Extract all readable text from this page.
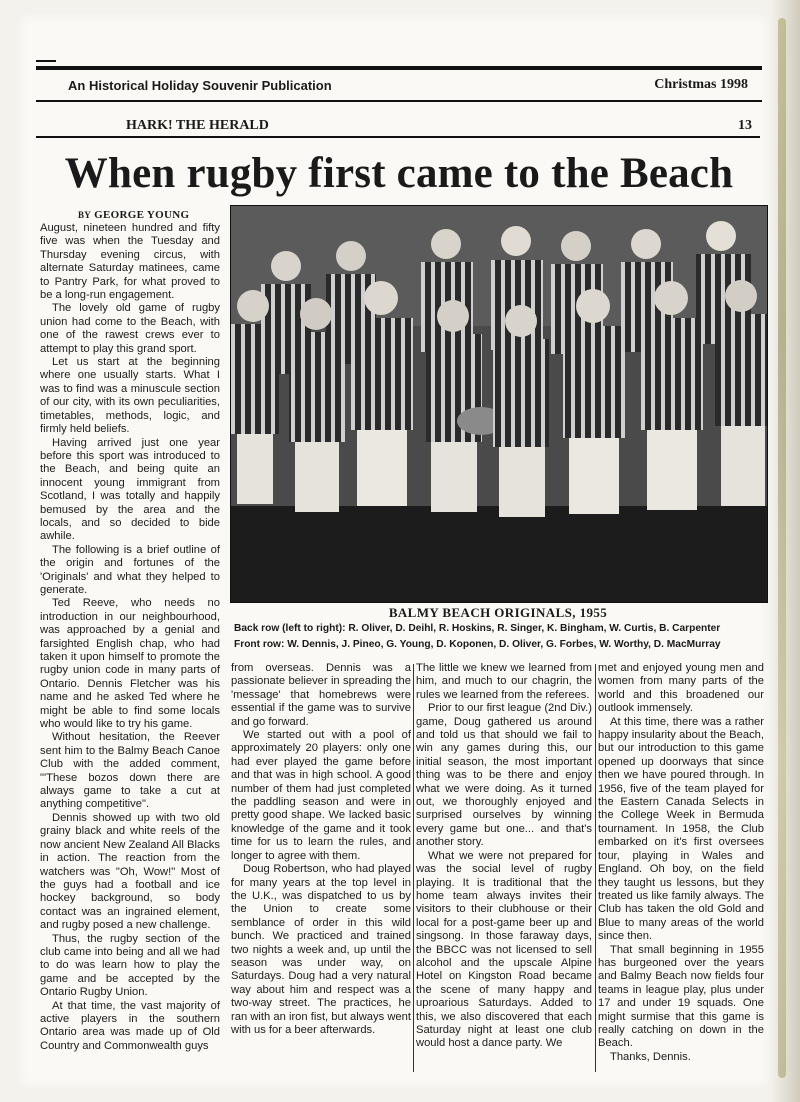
An Historical Holiday Souvenir Publication	Christmas 1998
HARK! THE HERALD	13
When rugby first came to the Beach
BY GEORGE YOUNG

August, nineteen hundred and fifty five was when the Tuesday and Thursday evening circus, with alternate Saturday matinees, came to Pantry Park, for what proved to be a long-run engagement.

The lovely old game of rugby union had come to the Beach, with one of the rawest crews ever to attempt to play this grand sport.

Let us start at the beginning where one usually starts. What I was to find was a minuscule section of our city, with its own peculiarities, timetables, methods, logic, and firmly held beliefs.

Having arrived just one year before this sport was introduced to the Beach, and being quite an innocent young immigrant from Scotland, I was totally and happily bemused by the area and the locals, and so decided to bide awhile.

The following is a brief outline of the origin and fortunes of the 'Originals' and what they helped to generate.

Ted Reeve, who needs no introduction in our neighbourhood, was approached by a genial and farsighted English chap, who had taken it upon himself to promote the rugby union code in many parts of Ontario. Dennis Fletcher was his name and he asked Ted where he might be able to find some locals who would like to try his game.

Without hesitation, the Reever sent him to the Balmy Beach Canoe Club with the added comment, "'These bozos down there are always game to take a cut at anything competitive".

Dennis showed up with two old grainy black and white reels of the now ancient New Zealand All Blacks in action. The reaction from the watchers was "Oh, Wow!" Most of the guys had a football and ice hockey background, so body contact was an ingrained element, and rugby posed a new challenge.

Thus, the rugby section of the club came into being and all we had to do was learn how to play the game and be accepted by the Ontario Rugby Union.

At that time, the vast majority of active players in the southern Ontario area was made up of Old Country and Commonwealth guys

from overseas. Dennis was a passionate believer in spreading the 'message' that homebrews were essential if the game was to survive and go forward.

We started out with a pool of approximately 20 players: only one had ever played the game before and that was in high school. A good number of them had just completed the paddling season and were in pretty good shape. We lacked basic knowledge of the game and it took time for us to learn the rules, and longer to agree with them.

Doug Robertson, who had played for many years at the top level in the U.K., was dispatched to us by the Union to create some semblance of order in this wild bunch. We practiced and trained two nights a week and, up until the season was under way, on Saturdays. Doug had a very natural way about him and respect was a two-way street. The practices, he ran with an iron fist, but always went with us for a beer afterwards.

The little we knew we learned from him, and much to our chagrin, the rules we learned from the referees.

Prior to our first league (2nd Div.) game, Doug gathered us around and told us that should we fail to win any games during this, our initial season, the most important thing was to be there and enjoy what we were doing. As it turned out, we thoroughly enjoyed and surprised ourselves by winning every game but one... and that's another story.

What we were not prepared for was the social level of rugby playing. It is traditional that the home team always invites their visitors to their clubhouse or their local for a post-game beer up and singsong. In those faraway days, the BBCC was not licensed to sell alcohol and the upscale Alpine Hotel on Kingston Road became the scene of many happy and uproarious Saturdays. Added to this, we also discovered that each Saturday night at least one club would host a dance party. We

met and enjoyed young men and women from many parts of the world and this broadened our outlook immensely.

At this time, there was a rather happy insularity about the Beach, but our introduction to this game opened up doorways that since then we have poured through. In 1956, five of the team played for the Eastern Canada Selects in the College Week in Bermuda tournament. In 1958, the Club embarked on it's first oversees tour, playing in Wales and England. Oh boy, on the field they taught us lessons, but they treated us like family always. The Club has taken the old Gold and Blue to many areas of the world since then.

That small beginning in 1955 has burgeoned over the years and Balmy Beach now fields four teams in league play, plus under 17 and under 19 squads. One might surmise that this game is really catching on down in the Beach.

Thanks, Dennis.

BALMY BEACH ORIGINALS, 1955
Back row (left to right): R. Oliver, D. Deihl, R. Hoskins, R. Singer, K. Bingham, W. Curtis, B. Carpenter
Front row: W. Dennis, J. Pineo, G. Young, D. Koponen, D. Oliver, G. Forbes, W. Worthy, D. MacMurray
